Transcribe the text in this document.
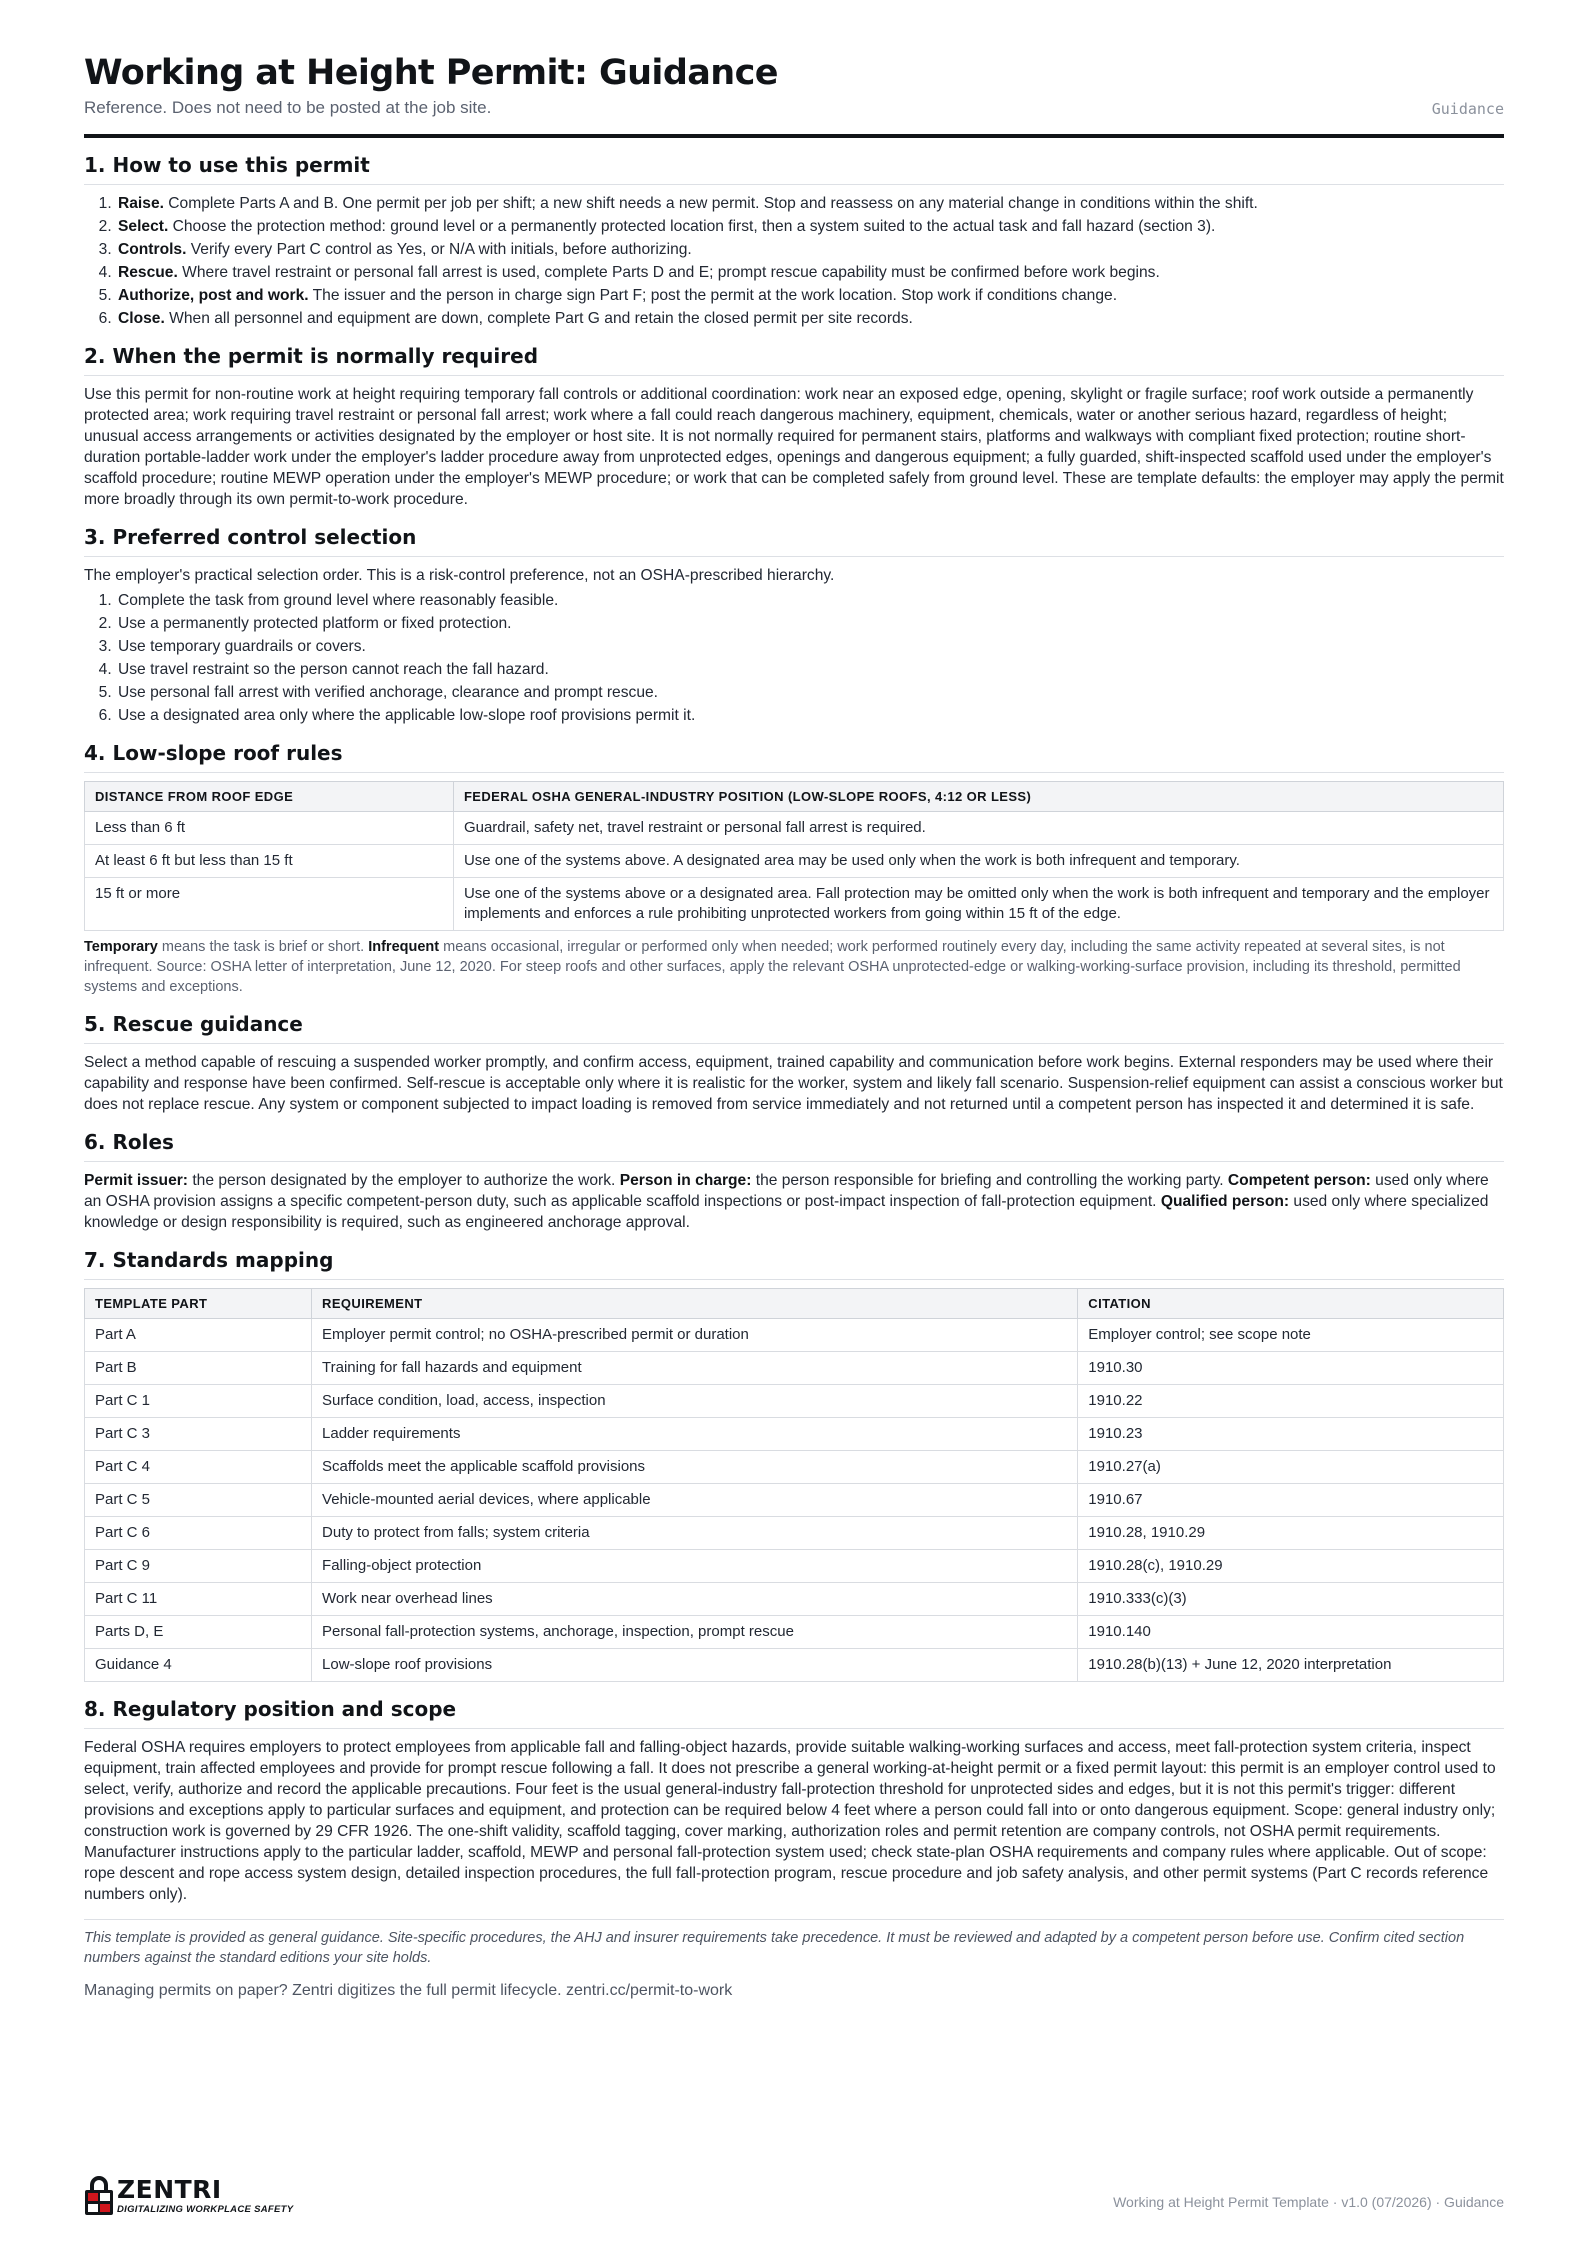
Working at Height Permit: Guidance
Reference. Does not need to be posted at the job site.	Guidance
1. How to use this permit
1. Raise. Complete Parts A and B. One permit per job per shift; a new shift needs a new permit. Stop and reassess on any material change in conditions within the shift.
2. Select. Choose the protection method: ground level or a permanently protected location first, then a system suited to the actual task and fall hazard (section 3).
3. Controls. Verify every Part C control as Yes, or N/A with initials, before authorizing.
4. Rescue. Where travel restraint or personal fall arrest is used, complete Parts D and E; prompt rescue capability must be confirmed before work begins.
5. Authorize, post and work. The issuer and the person in charge sign Part F; post the permit at the work location. Stop work if conditions change.
6. Close. When all personnel and equipment are down, complete Part G and retain the closed permit per site records.
2. When the permit is normally required

Use this permit for non-routine work at height requiring temporary fall controls or additional coordination: work near an exposed edge, opening, skylight or fragile surface; roof work outside a permanently protected area; work requiring travel restraint or personal fall arrest; work where a fall could reach dangerous machinery, equipment, chemicals, water or another serious hazard, regardless of height; unusual access arrangements or activities designated by the employer or host site. It is not normally required for permanent stairs, platforms and walkways with compliant fixed protection; routine short-duration portable-ladder work under the employer's ladder procedure away from unprotected edges, openings and dangerous equipment; a fully guarded, shift-inspected scaffold used under the employer's scaffold procedure; routine MEWP operation under the employer's MEWP procedure; or work that can be completed safely from ground level. These are template defaults: the employer may apply the permit more broadly through its own permit-to-work procedure.

3. Preferred control selection

The employer's practical selection order. This is a risk-control preference, not an OSHA-prescribed hierarchy.

1. Complete the task from ground level where reasonably feasible.
2. Use a permanently protected platform or fixed protection.
3. Use temporary guardrails or covers.
4. Use travel restraint so the person cannot reach the fall hazard.
5. Use personal fall arrest with verified anchorage, clearance and prompt rescue.
6. Use a designated area only where the applicable low-slope roof provisions permit it.
4. Low-slope roof rules
DISTANCE FROM ROOF EDGE	FEDERAL OSHA GENERAL-INDUSTRY POSITION (LOW-SLOPE ROOFS, 4:12 OR LESS)
Less than 6 ft	Guardrail, safety net, travel restraint or personal fall arrest is required.
At least 6 ft but less than 15 ft	Use one of the systems above. A designated area may be used only when the work is both infrequent and temporary.
15 ft or more	Use one of the systems above or a designated area. Fall protection may be omitted only when the work is both infrequent and temporary and the employer implements and enforces a rule prohibiting unprotected workers from going within 15 ft of the edge.

Temporary means the task is brief or short. Infrequent means occasional, irregular or performed only when needed; work performed routinely every day, including the same activity repeated at several sites, is not infrequent. Source: OSHA letter of interpretation, June 12, 2020. For steep roofs and other surfaces, apply the relevant OSHA unprotected-edge or walking-working-surface provision, including its threshold, permitted systems and exceptions.

5. Rescue guidance

Select a method capable of rescuing a suspended worker promptly, and confirm access, equipment, trained capability and communication before work begins. External responders may be used where their capability and response have been confirmed. Self-rescue is acceptable only where it is realistic for the worker, system and likely fall scenario. Suspension-relief equipment can assist a conscious worker but does not replace rescue. Any system or component subjected to impact loading is removed from service immediately and not returned until a competent person has inspected it and determined it is safe.

6. Roles

Permit issuer: the person designated by the employer to authorize the work. Person in charge: the person responsible for briefing and controlling the working party. Competent person: used only where an OSHA provision assigns a specific competent-person duty, such as applicable scaffold inspections or post-impact inspection of fall-protection equipment. Qualified person: used only where specialized knowledge or design responsibility is required, such as engineered anchorage approval.

7. Standards mapping
TEMPLATE PART	REQUIREMENT	CITATION
Part A	Employer permit control; no OSHA-prescribed permit or duration	Employer control; see scope note
Part B	Training for fall hazards and equipment	1910.30
Part C 1	Surface condition, load, access, inspection	1910.22
Part C 3	Ladder requirements	1910.23
Part C 4	Scaffolds meet the applicable scaffold provisions	1910.27(a)
Part C 5	Vehicle-mounted aerial devices, where applicable	1910.67
Part C 6	Duty to protect from falls; system criteria	1910.28, 1910.29
Part C 9	Falling-object protection	1910.28(c), 1910.29
Part C 11	Work near overhead lines	1910.333(c)(3)
Parts D, E	Personal fall-protection systems, anchorage, inspection, prompt rescue	1910.140
Guidance 4	Low-slope roof provisions	1910.28(b)(13) + June 12, 2020 interpretation
8. Regulatory position and scope

Federal OSHA requires employers to protect employees from applicable fall and falling-object hazards, provide suitable walking-working surfaces and access, meet fall-protection system criteria, inspect equipment, train affected employees and provide for prompt rescue following a fall. It does not prescribe a general working-at-height permit or a fixed permit layout: this permit is an employer control used to select, verify, authorize and record the applicable precautions. Four feet is the usual general-industry fall-protection threshold for unprotected sides and edges, but it is not this permit's trigger: different provisions and exceptions apply to particular surfaces and equipment, and protection can be required below 4 feet where a person could fall into or onto dangerous equipment. Scope: general industry only; construction work is governed by 29 CFR 1926. The one-shift validity, scaffold tagging, cover marking, authorization roles and permit retention are company controls, not OSHA permit requirements. Manufacturer instructions apply to the particular ladder, scaffold, MEWP and personal fall-protection system used; check state-plan OSHA requirements and company rules where applicable. Out of scope: rope descent and rope access system design, detailed inspection procedures, the full fall-protection program, rescue procedure and job safety analysis, and other permit systems (Part C records reference numbers only).

This template is provided as general guidance. Site-specific procedures, the AHJ and insurer requirements take precedence. It must be reviewed and adapted by a competent person before use. Confirm cited section numbers against the standard editions your site holds.

Managing permits on paper? Zentri digitizes the full permit lifecycle. zentri.cc/permit-to-work

ZENTRI
DIGITALIZING WORKPLACE SAFETY	Working at Height Permit Template · v1.0 (07/2026) · Guidance
